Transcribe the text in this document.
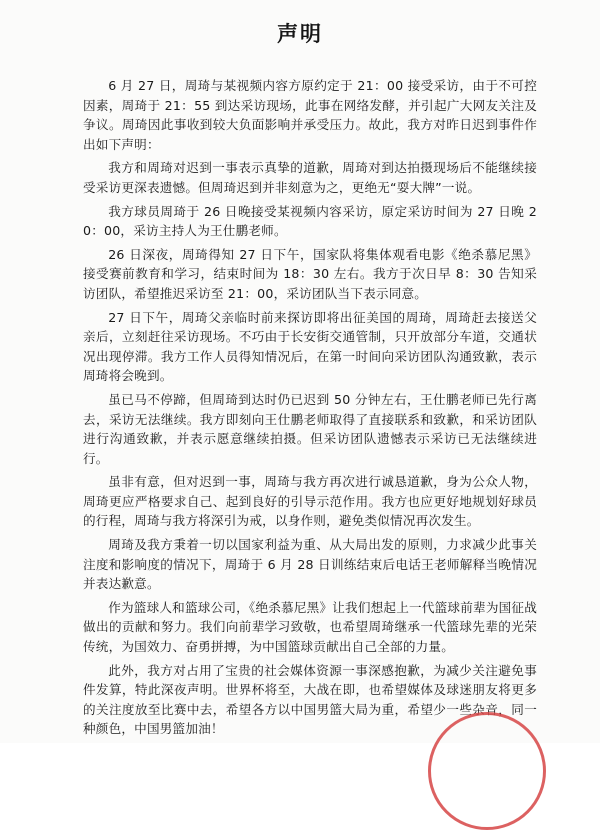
声明

6 月 27 日，周琦与某视频内容方原约定于 21：00 接受采访，由于不可控因素，周琦于 21：55 到达采访现场，此事在网络发酵，并引起广大网友关注及争议。周琦因此事收到较大负面影响并承受压力。故此，我方对昨日迟到事件作出如下声明：

我方和周琦对迟到一事表示真挚的道歉，周琦对到达拍摄现场后不能继续接受采访更深表遗憾。但周琦迟到并非刻意为之，更绝无“耍大牌”一说。

我方球员周琦于 26 日晚接受某视频内容采访，原定采访时间为 27 日晚 20：00，采访主持人为王仕鹏老师。

26 日深夜，周琦得知 27 日下午，国家队将集体观看电影《绝杀慕尼黑》接受赛前教育和学习，结束时间为 18：30 左右。我方于次日早 8：30 告知采访团队，希望推迟采访至 21：00，采访团队当下表示同意。

27 日下午，周琦父亲临时前来探访即将出征美国的周琦，周琦赶去接送父亲后，立刻赶往采访现场。不巧由于长安街交通管制，只开放部分车道，交通状况出现停滞。我方工作人员得知情况后，在第一时间向采访团队沟通致歉，表示周琦将会晚到。

虽已马不停蹄，但周琦到达时仍已迟到 50 分钟左右，王仕鹏老师已先行离去，采访无法继续。我方即刻向王仕鹏老师取得了直接联系和致歉，和采访团队进行沟通致歉，并表示愿意继续拍摄。但采访团队遗憾表示采访已无法继续进行。

虽非有意，但对迟到一事，周琦与我方再次进行诚恳道歉，身为公众人物，周琦更应严格要求自己、起到良好的引导示范作用。我方也应更好地规划好球员的行程，周琦与我方将深引为戒，以身作则，避免类似情况再次发生。

周琦及我方秉着一切以国家利益为重、从大局出发的原则，力求减少此事关注度和影响度的情况下，周琦于 6 月 28 日训练结束后电话王老师解释当晚情况并表达歉意。

作为篮球人和篮球公司，《绝杀慕尼黑》让我们想起上一代篮球前辈为国征战做出的贡献和努力。我们向前辈学习致敬，也希望周琦继承一代篮球先辈的光荣传统，为国效力、奋勇拼搏，为中国篮球贡献出自己全部的力量。

此外，我方对占用了宝贵的社会媒体资源一事深感抱歉，为减少关注避免事件发算，特此深夜声明。世界杯将至，大战在即，也希望媒体及球迷朋友将更多的关注度放至比赛中去，希望各方以中国男篮大局为重，希望少一些杂音，同一种颜色，中国男篮加油！
